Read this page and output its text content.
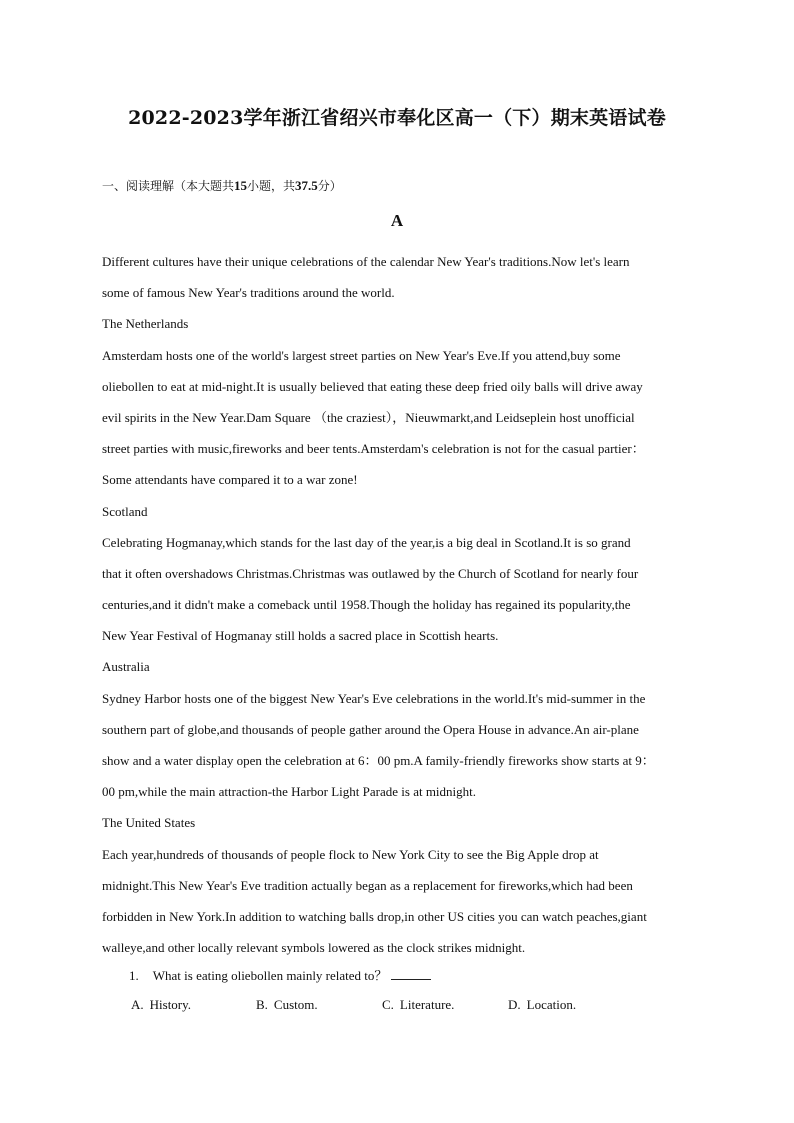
2022-2023学年浙江省绍兴市奉化区高一（下）期末英语试卷
一、阅读理解（本大题共15小题，共37.5分）
A

Different cultures have their unique celebrations of the calendar New Year's traditions.Now let's learn
some of famous New Year's traditions around the world.

The Netherlands

Amsterdam hosts one of the world's largest street parties on New Year's Eve.If you attend,buy some
oliebollen to eat at mid-night.It is usually believed that eating these deep fried oily balls will drive away
evil spirits in the New Year.Dam Square （the craziest），Nieuwmarkt,and Leidseplein host unofficial
street parties with music,fireworks and beer tents.Amsterdam's celebration is not for the casual partier：
Some attendants have compared it to a war zone!

Scotland

Celebrating Hogmanay,which stands for the last day of the year,is a big deal in Scotland.It is so grand
that it often overshadows Christmas.Christmas was outlawed by the Church of Scotland for nearly four
centuries,and it didn't make a comeback until 1958.Though the holiday has regained its popularity,the
New Year Festival of Hogmanay still holds a sacred place in Scottish hearts.

Australia

Sydney Harbor hosts one of the biggest New Year's Eve celebrations in the world.It's mid-summer in the
southern part of globe,and thousands of people gather around the Opera House in advance.An air-plane
show and a water display open the celebration at 6：00 pm.A family-friendly fireworks show starts at 9：
00 pm,while the main attraction-the Harbor Light Parade is at midnight.

The United States

Each year,hundreds of thousands of people flock to New York City to see the Big Apple drop at
midnight.This New Year's Eve tradition actually began as a replacement for fireworks,which had been
forbidden in New York.In addition to watching balls drop,in other US cities you can watch peaches,giant
walleye,and other locally relevant symbols lowered as the clock strikes midnight.

1. What is eating oliebollen mainly related to？
A. History.	B. Custom.	C. Literature.	D. Location.
